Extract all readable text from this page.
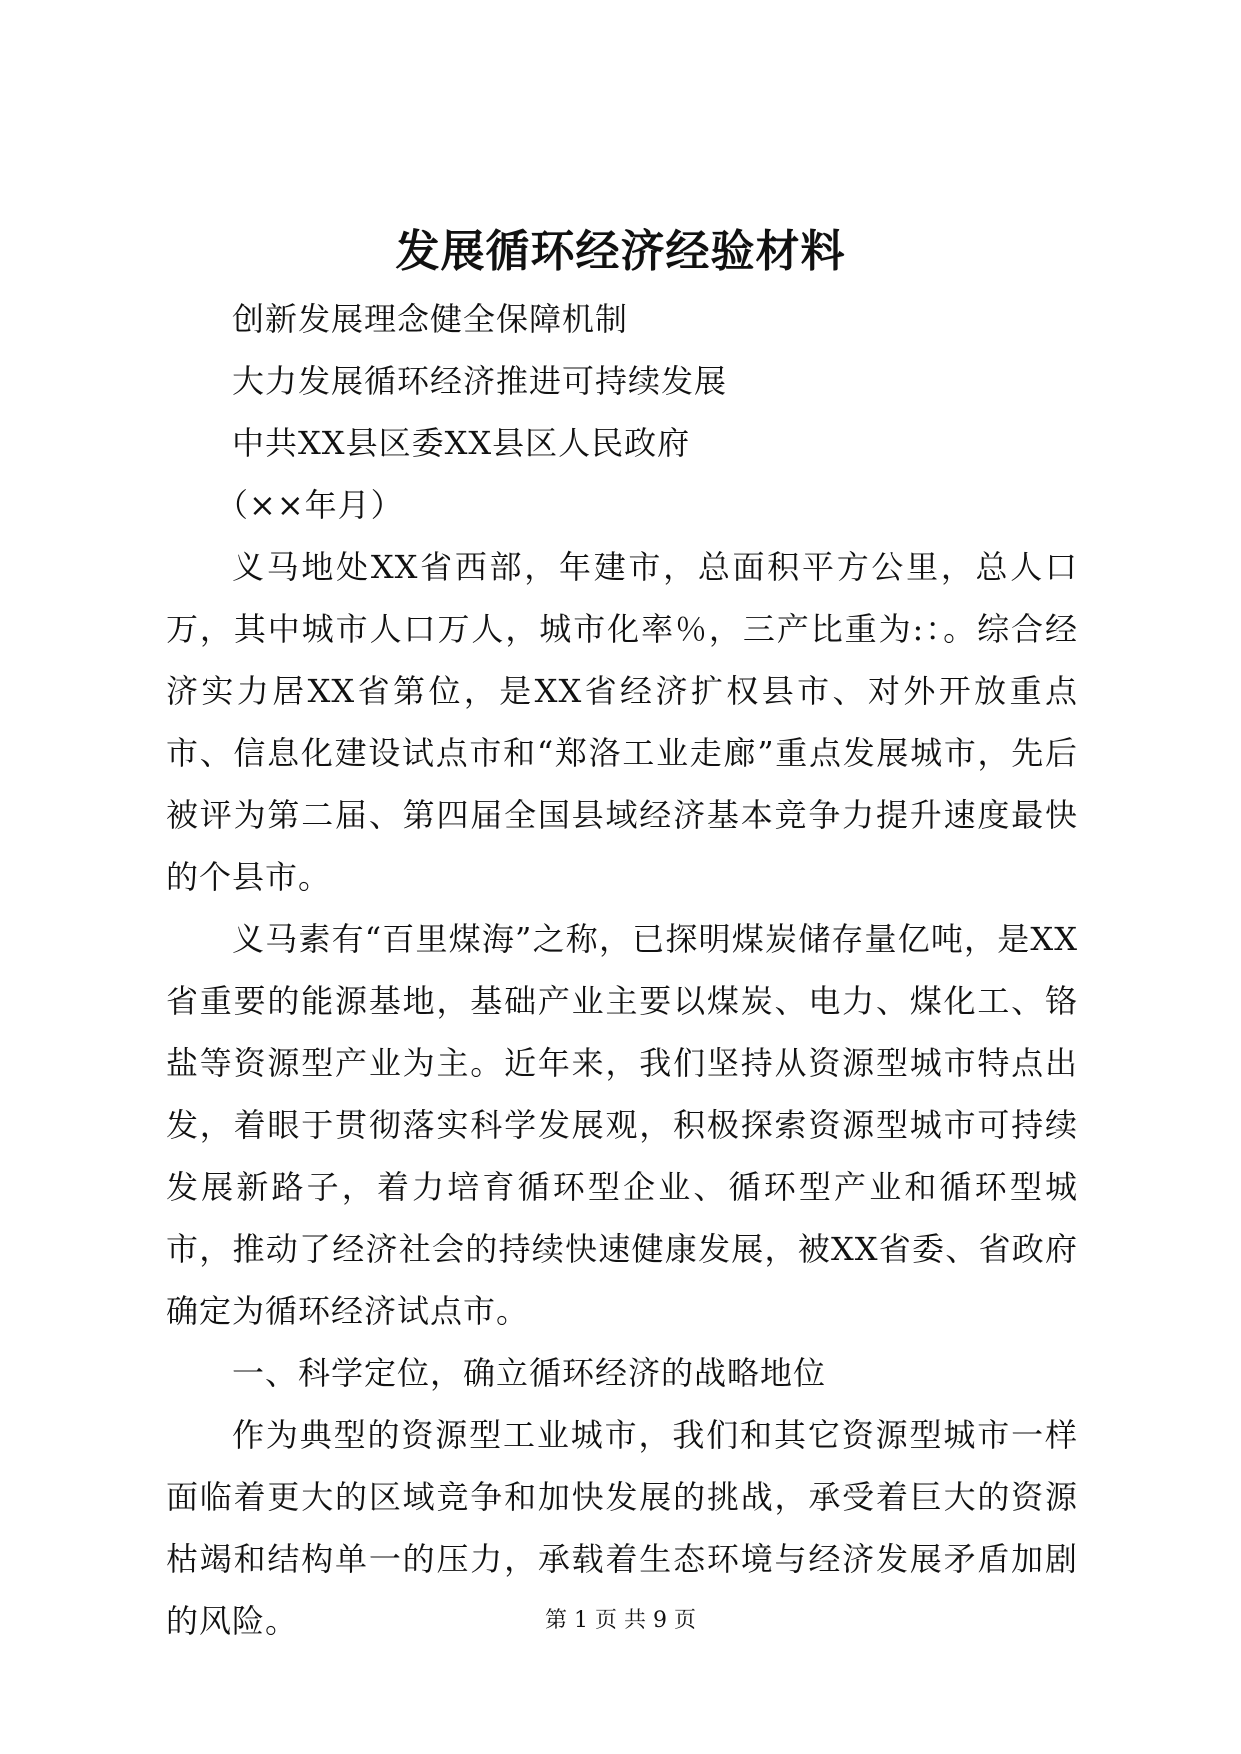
发展循环经济经验材料

创新发展理念健全保障机制

大力发展循环经济推进可持续发展

中共XX县区委XX县区人民政府

（××年月）

义马地处XX省西部，年建市，总面积平方公里，总人口万，其中城市人口万人，城市化率％，三产比重为:：。综合经济实力居XX省第位，是XX省经济扩权县市、对外开放重点市、信息化建设试点市和“郑洛工业走廊”重点发展城市，先后被评为第二届、第四届全国县域经济基本竞争力提升速度最快的个县市。

义马素有“百里煤海”之称，已探明煤炭储存量亿吨，是XX省重要的能源基地，基础产业主要以煤炭、电力、煤化工、铬盐等资源型产业为主。近年来，我们坚持从资源型城市特点出发，着眼于贯彻落实科学发展观，积极探索资源型城市可持续发展新路子，着力培育循环型企业、循环型产业和循环型城市，推动了经济社会的持续快速健康发展，被XX省委、省政府确定为循环经济试点市。

一、科学定位，确立循环经济的战略地位

作为典型的资源型工业城市，我们和其它资源型城市一样面临着更大的区域竞争和加快发展的挑战，承受着巨大的资源枯竭和结构单一的压力，承载着生态环境与经济发展矛盾加剧的风险。	第 1 页 共 9 页
